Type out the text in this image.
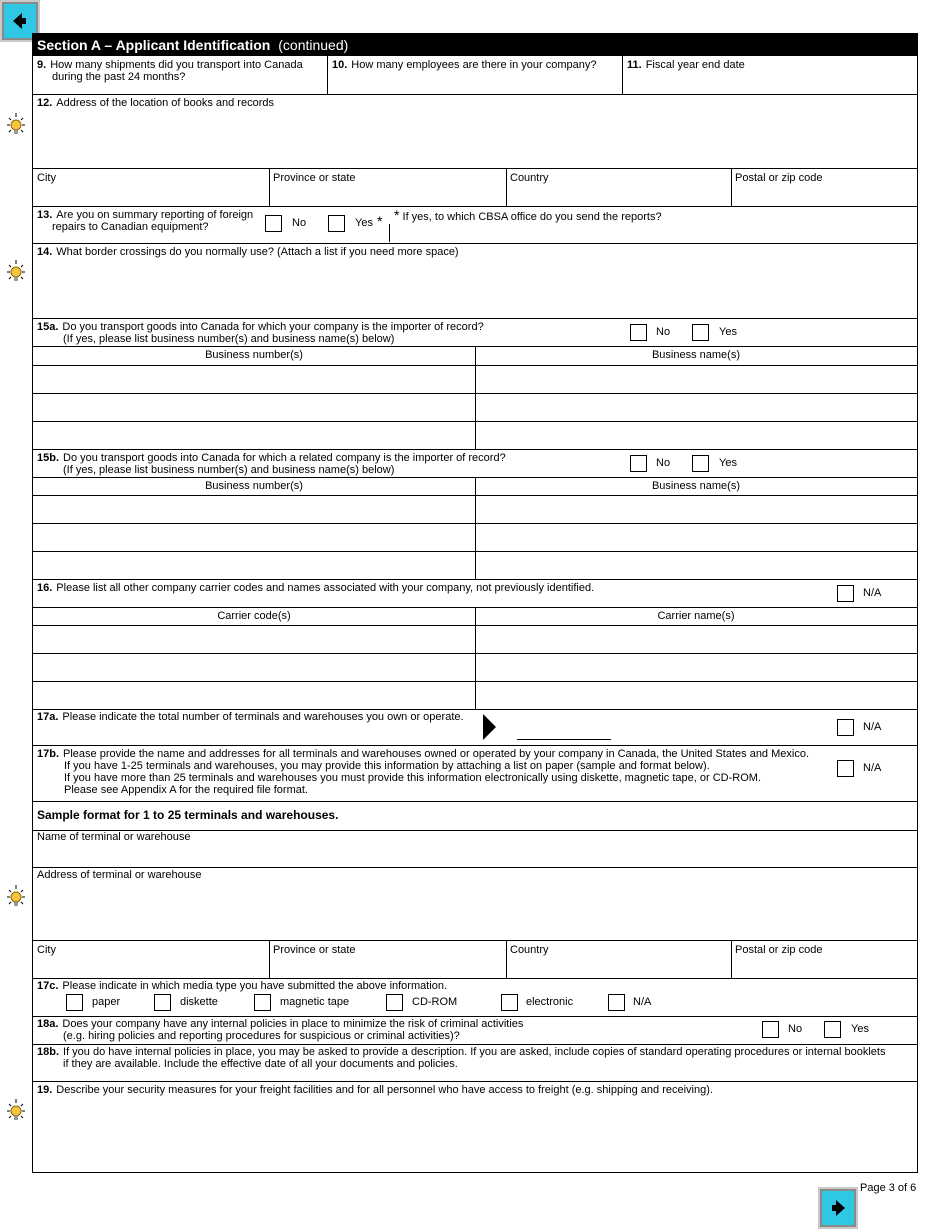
Section A – Applicant Identification (continued)
9. How many shipments did you transport into Canada
during the past 24 months?
10. How many employees are there in your company?	11. Fiscal year end date
12. Address of the location of books and records
City	Province or state	Country	Postal or zip code
13. Are you on summary reporting of foreign
repairs to Canadian equipment?	No	Yes * * If yes, to which CBSA office do you send the reports?
14. What border crossings do you normally use? (Attach a list if you need more space)
15a. Do you transport goods into Canada for which your company is the importer of record?
(If yes, please list business number(s) and business name(s) below)
No	Yes
Business number(s)	Business name(s)
15b. Do you transport goods into Canada for which a related company is the importer of record?
(If yes, please list business number(s) and business name(s) below)
No	Yes
Business number(s)	Business name(s)
16. Please list all other company carrier codes and names associated with your company, not previously identified.	N/A
Carrier code(s)	Carrier name(s)
17a. Please indicate the total number of terminals and warehouses you own or operate.
N/A
17b. Please provide the name and addresses for all terminals and warehouses owned or operated by your company in Canada, the United States and Mexico.
If you have 1-25 terminals and warehouses, you may provide this information by attaching a list on paper (sample and format below).
If you have more than 25 terminals and warehouses you must provide this information electronically using diskette, magnetic tape, or CD-ROM.
Please see Appendix A for the required file format.
N/A
Sample format for 1 to 25 terminals and warehouses.
Name of terminal or warehouse
Address of terminal or warehouse
City	Province or state	Country	Postal or zip code
17c. Please indicate in which media type you have submitted the above information.
paper	diskette	magnetic tape	CD-ROM	electronic	N/A
18a. Does your company have any internal policies in place to minimize the risk of criminal activities
(e.g. hiring policies and reporting procedures for suspicious or criminal activities)?
No	Yes
18b. If you do have internal policies in place, you may be asked to provide a description. If you are asked, include copies of standard operating procedures or internal booklets
if they are available. Include the effective date of all your documents and policies.
19. Describe your security measures for your freight facilities and for all personnel who have access to freight (e.g. shipping and receiving).
Page 3 of 6
